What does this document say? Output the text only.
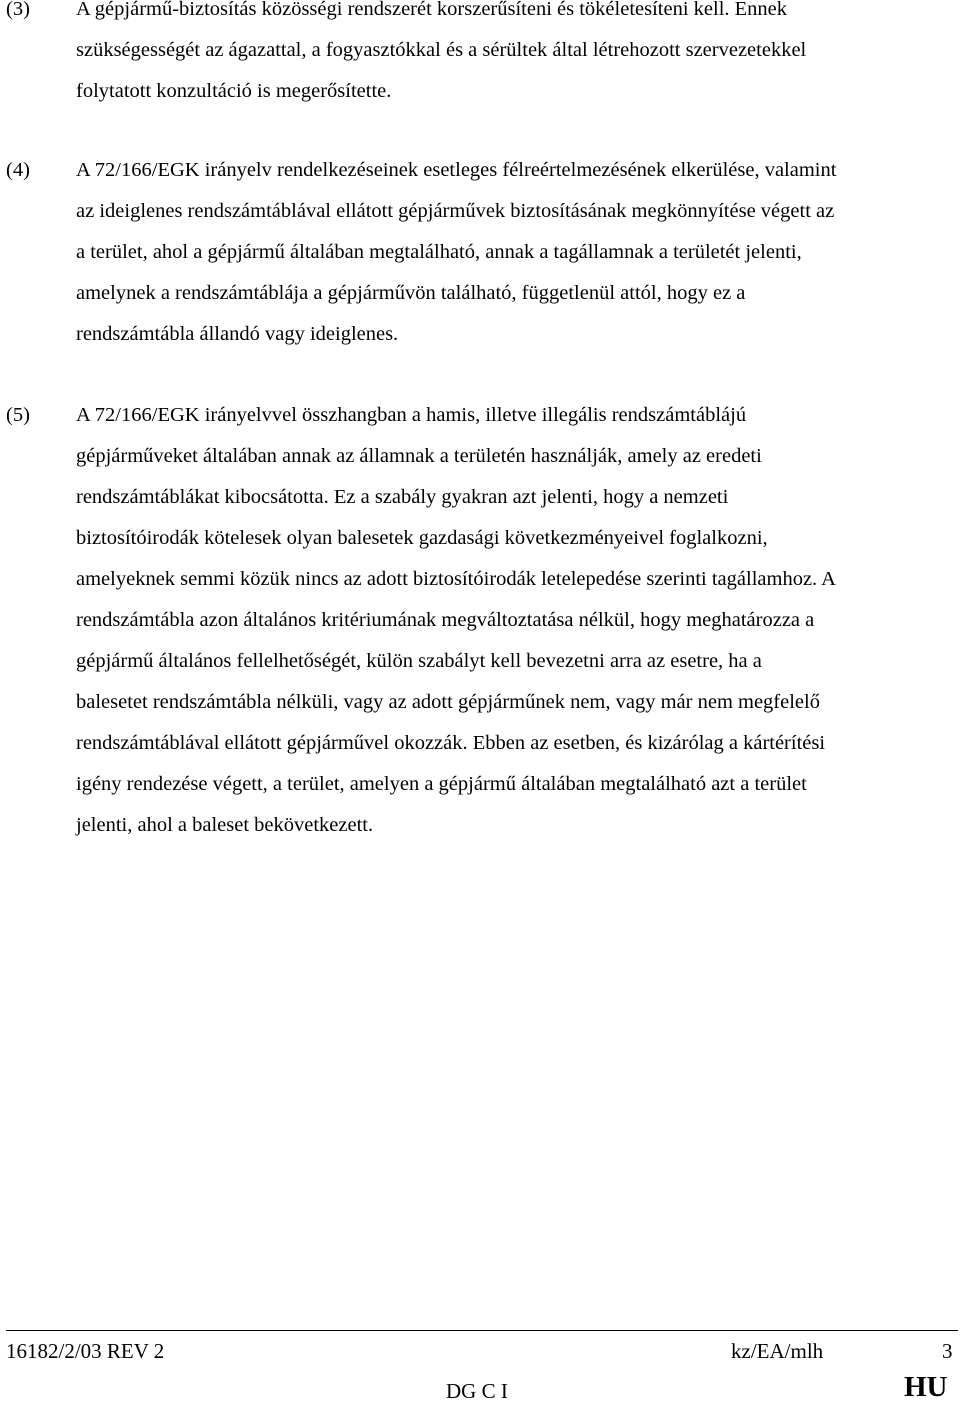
(3) A gépjármű-biztosítás közösségi rendszerét korszerűsíteni és tökéletesíteni kell. Ennek
szükségességét az ágazattal, a fogyasztókkal és a sérültek által létrehozott szervezetekkel
folytatott konzultáció is megerősítette.
(4) A 72/166/EGK irányelv rendelkezéseinek esetleges félreértelmezésének elkerülése, valamint
az ideiglenes rendszámtáblával ellátott gépjárművek biztosításának megkönnyítése végett az
a terület, ahol a gépjármű általában megtalálható, annak a tagállamnak a területét jelenti,
amelynek a rendszámtáblája a gépjárművön található, függetlenül attól, hogy ez a
rendszámtábla állandó vagy ideiglenes.
(5) A 72/166/EGK irányelvvel összhangban a hamis, illetve illegális rendszámtáblájú
gépjárműveket általában annak az államnak a területén használják, amely az eredeti
rendszámtáblákat kibocsátotta. Ez a szabály gyakran azt jelenti, hogy a nemzeti
biztosítóirodák kötelesek olyan balesetek gazdasági következményeivel foglalkozni,
amelyeknek semmi közük nincs az adott biztosítóirodák letelepedése szerinti tagállamhoz. A
rendszámtábla azon általános kritériumának megváltoztatása nélkül, hogy meghatározza a
gépjármű általános fellelhetőségét, külön szabályt kell bevezetni arra az esetre, ha a
balesetet rendszámtábla nélküli, vagy az adott gépjárműnek nem, vagy már nem megfelelő
rendszámtáblával ellátott gépjárművel okozzák. Ebben az esetben, és kizárólag a kártérítési
igény rendezése végett, a terület, amelyen a gépjármű általában megtalálható azt a terület
jelenti, ahol a baleset bekövetkezett.
16182/2/03 REV 2	kz/EA/mlh	3
DG C I	HU
